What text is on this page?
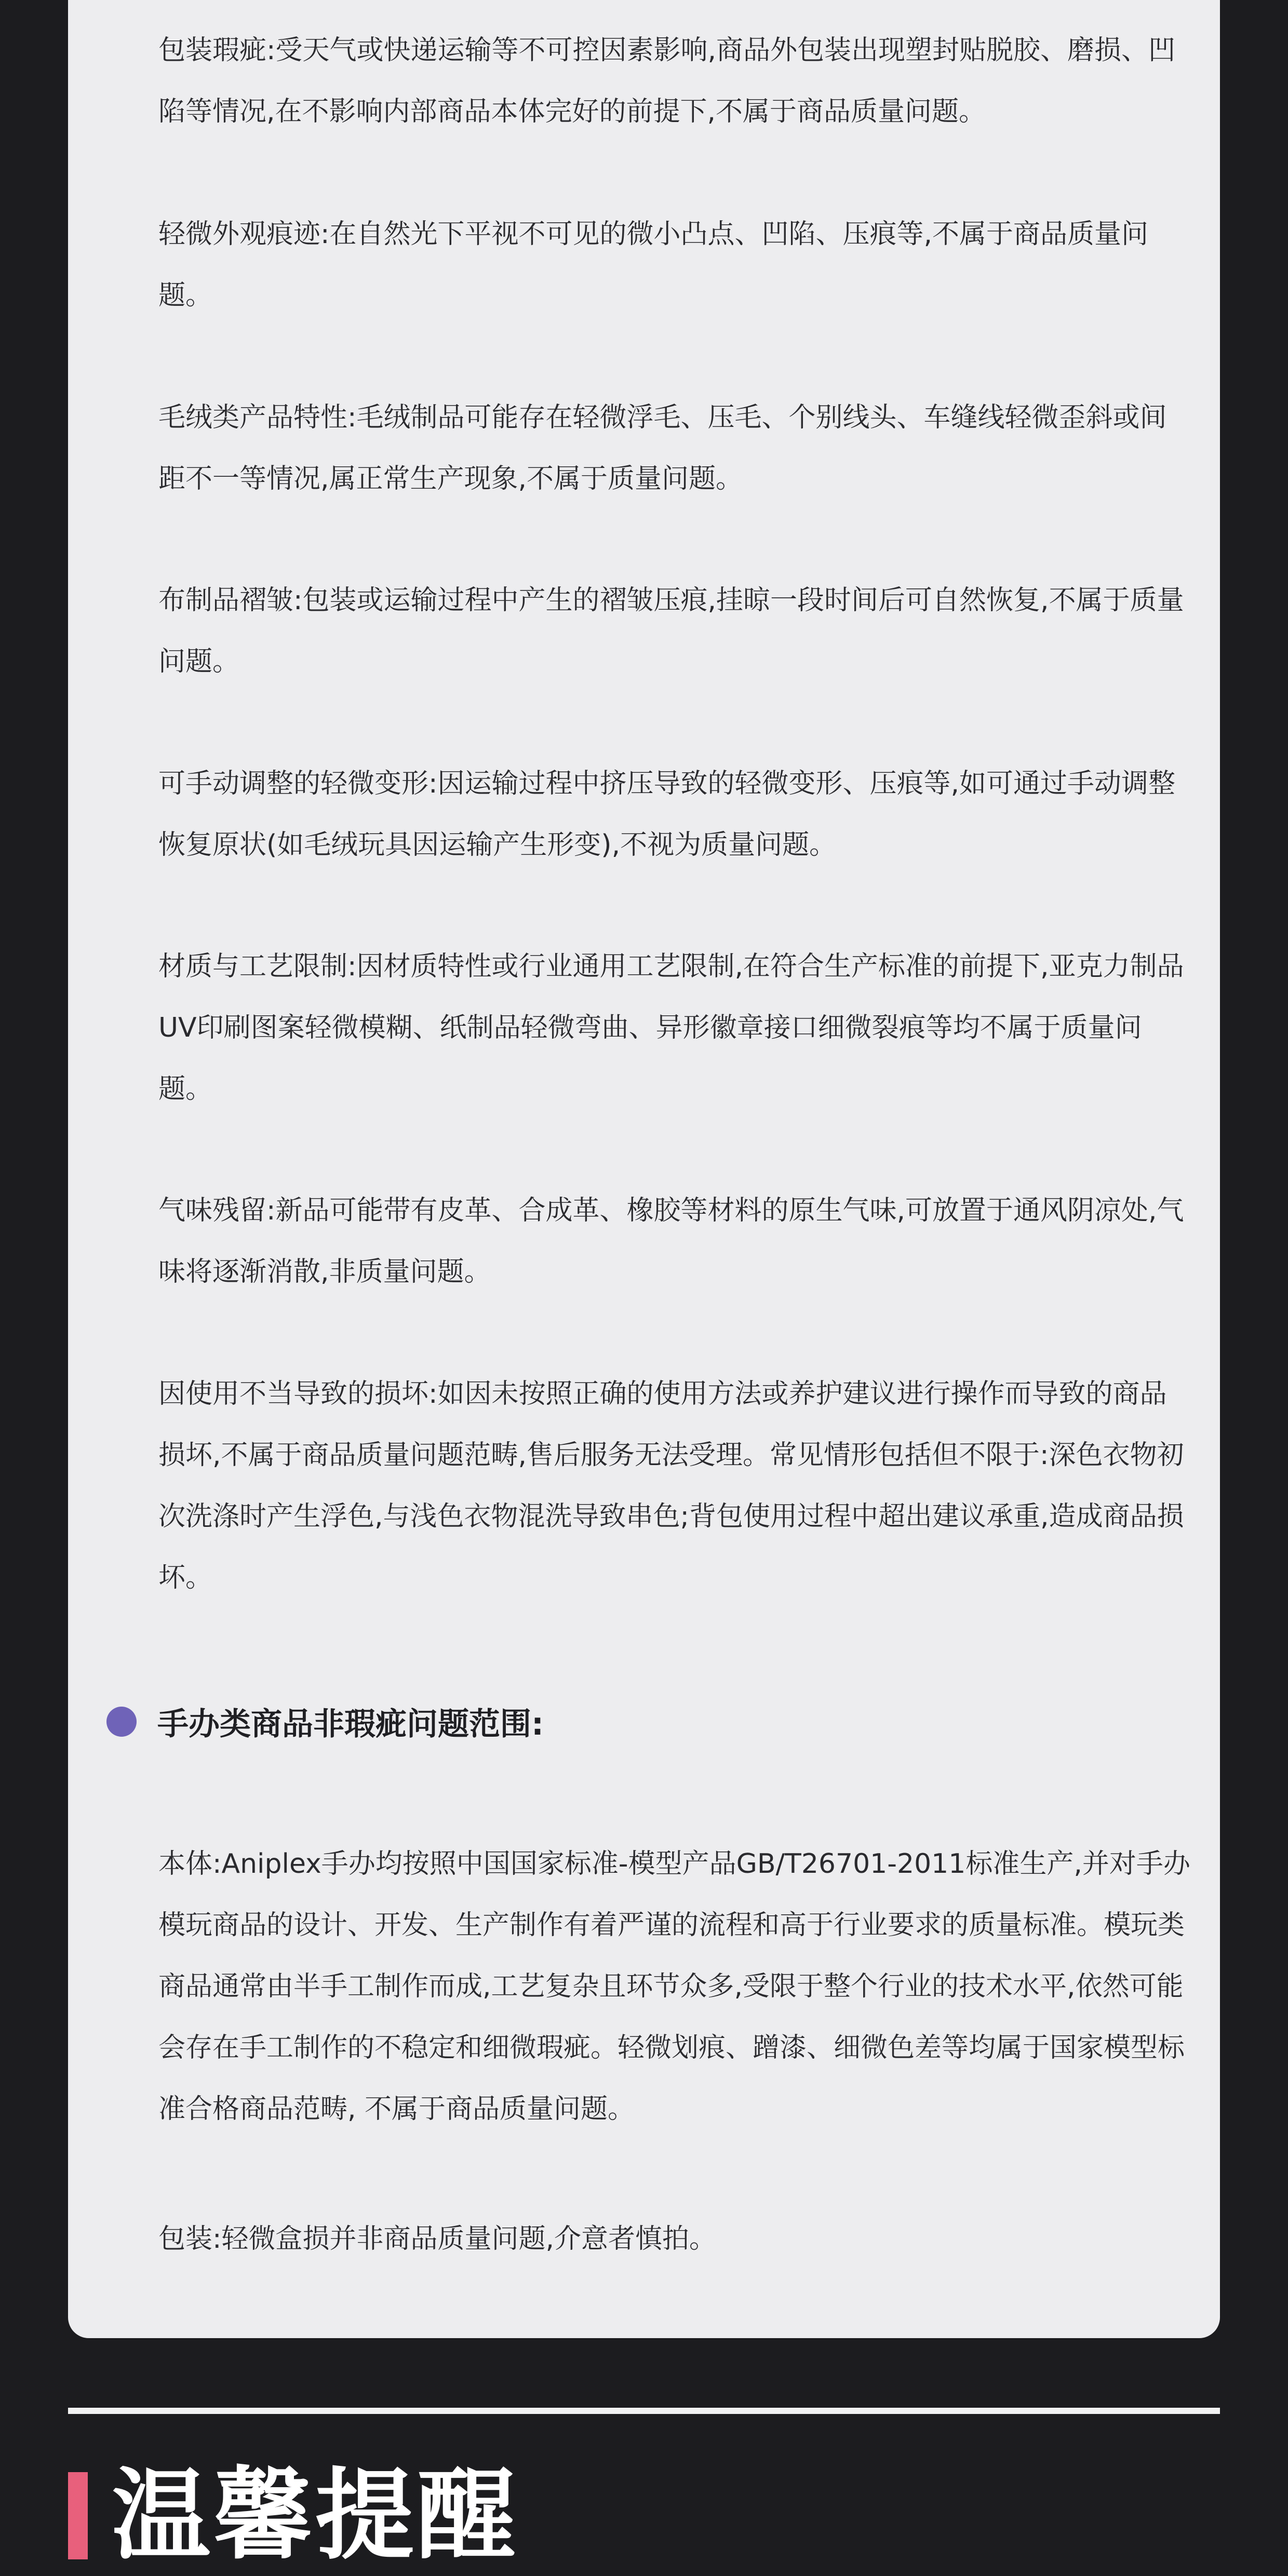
包装瑕疵:受天气或快递运输等不可控因素影响,商品外包装出现塑封贴脱胶、磨损、凹陷等情况,在不影响内部商品本体完好的前提下,不属于商品质量问题。

轻微外观痕迹:在自然光下平视不可见的微小凸点、凹陷、压痕等,不属于商品质量问题。

毛绒类产品特性:毛绒制品可能存在轻微浮毛、压毛、个别线头、车缝线轻微歪斜或间距不一等情况,属正常生产现象,不属于质量问题。

布制品褶皱:包装或运输过程中产生的褶皱压痕,挂晾一段时间后可自然恢复,不属于质量问题。

可手动调整的轻微变形:因运输过程中挤压导致的轻微变形、压痕等,如可通过手动调整恢复原状(如毛绒玩具因运输产生形变),不视为质量问题。

材质与工艺限制:因材质特性或行业通用工艺限制,在符合生产标准的前提下,亚克力制品UV印刷图案轻微模糊、纸制品轻微弯曲、异形徽章接口细微裂痕等均不属于质量问题。

气味残留:新品可能带有皮革、合成革、橡胶等材料的原生气味,可放置于通风阴凉处,气味将逐渐消散,非质量问题。

因使用不当导致的损坏:如因未按照正确的使用方法或养护建议进行操作而导致的商品损坏,不属于商品质量问题范畴,售后服务无法受理。常见情形包括但不限于:深色衣物初次洗涤时产生浮色,与浅色衣物混洗导致串色;背包使用过程中超出建议承重,造成商品损坏。

手办类商品非瑕疵问题范围:

本体:Aniplex手办均按照中国国家标准-模型产品GB/T26701-2011标准生产,并对手办模玩商品的设计、开发、生产制作有着严谨的流程和高于行业要求的质量标准。模玩类商品通常由半手工制作而成,工艺复杂且环节众多,受限于整个行业的技术水平,依然可能会存在手工制作的不稳定和细微瑕疵。轻微划痕、蹭漆、细微色差等均属于国家模型标准合格商品范畴, 不属于商品质量问题。

包装:轻微盒损并非商品质量问题,介意者慎拍。

温馨提醒
